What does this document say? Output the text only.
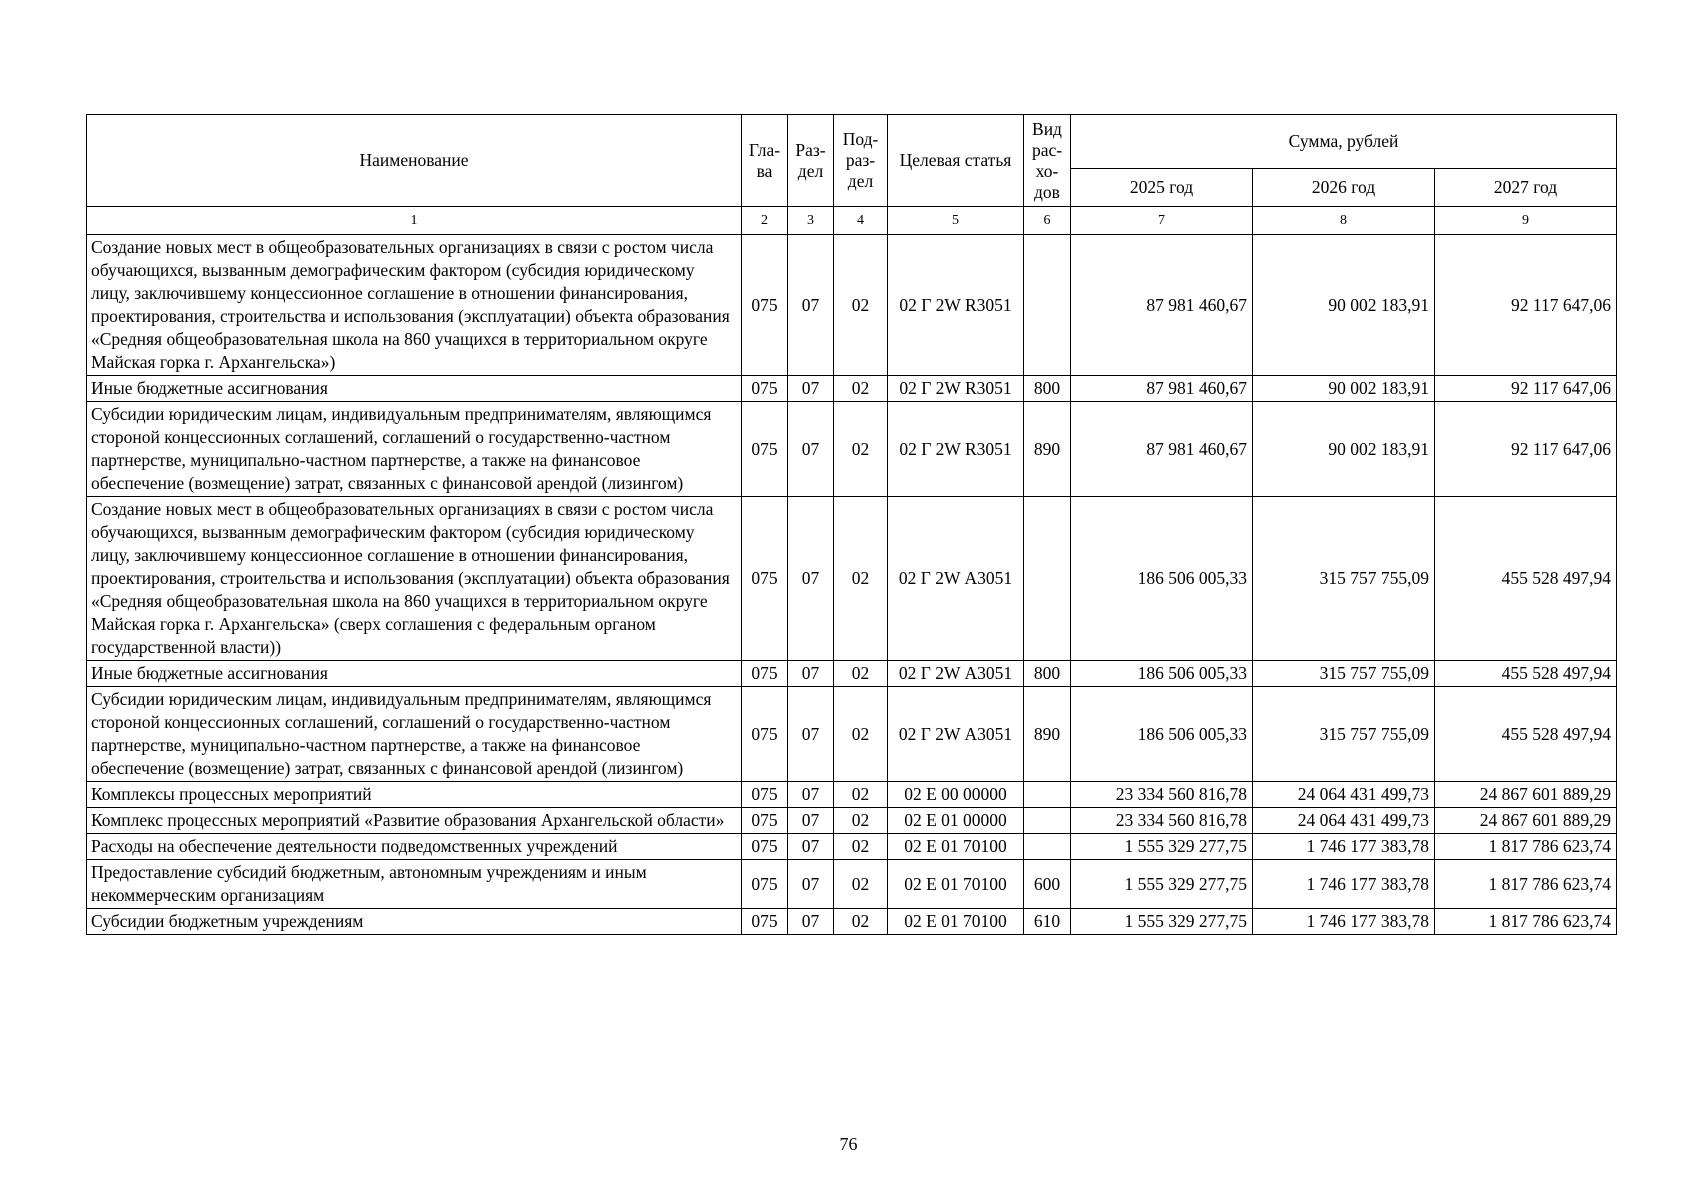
Наименование	Гла-ва	Раз-дел	Под-раз-дел	Целевая статья	Вид рас-хо-дов	Сумма, рублей		
						2025 год	2026 год	2027 год
1	2	3	4	5	6	7	8	9
Создание новых мест в общеобразовательных организациях в связи с ростом числа обучающихся, вызванным демографическим фактором (субсидия юридическому лицу, заключившему концессионное соглашение в отношении финансирования, проектирования, строительства и использования (эксплуатации) объекта образования «Средняя общеобразовательная школа на 860 учащихся в территориальном округе Майская горка г. Архангельска»)	075	07	02	02 Г 2W R3051		87 981 460,67	90 002 183,91	92 117 647,06
Иные бюджетные ассигнования	075	07	02	02 Г 2W R3051	800	87 981 460,67	90 002 183,91	92 117 647,06
Субсидии юридическим лицам, индивидуальным предпринимателям, являющимся стороной концессионных соглашений, соглашений о государственно-частном партнерстве, муниципально-частном партнерстве, а также на финансовое обеспечение (возмещение) затрат, связанных с финансовой арендой (лизингом)	075	07	02	02 Г 2W R3051	890	87 981 460,67	90 002 183,91	92 117 647,06
Создание новых мест в общеобразовательных организациях в связи с ростом числа обучающихся, вызванным демографическим фактором (субсидия юридическому лицу, заключившему концессионное соглашение в отношении финансирования, проектирования, строительства и использования (эксплуатации) объекта образования «Средняя общеобразовательная школа на 860 учащихся в территориальном округе Майская горка г. Архангельска» (сверх соглашения с федеральным органом государственной власти))	075	07	02	02 Г 2W А3051		186 506 005,33	315 757 755,09	455 528 497,94
Иные бюджетные ассигнования	075	07	02	02 Г 2W А3051	800	186 506 005,33	315 757 755,09	455 528 497,94
Субсидии юридическим лицам, индивидуальным предпринимателям, являющимся стороной концессионных соглашений, соглашений о государственно-частном партнерстве, муниципально-частном партнерстве, а также на финансовое обеспечение (возмещение) затрат, связанных с финансовой арендой (лизингом)	075	07	02	02 Г 2W А3051	890	186 506 005,33	315 757 755,09	455 528 497,94
Комплексы процессных мероприятий	075	07	02	02 Е 00 00000		23 334 560 816,78	24 064 431 499,73	24 867 601 889,29
Комплекс процессных мероприятий «Развитие образования Архангельской области»	075	07	02	02 Е 01 00000		23 334 560 816,78	24 064 431 499,73	24 867 601 889,29
Расходы на обеспечение деятельности подведомственных учреждений	075	07	02	02 Е 01 70100		1 555 329 277,75	1 746 177 383,78	1 817 786 623,74
Предоставление субсидий бюджетным, автономным учреждениям и иным некоммерческим организациям	075	07	02	02 Е 01 70100	600	1 555 329 277,75	1 746 177 383,78	1 817 786 623,74
Субсидии бюджетным учреждениям	075	07	02	02 Е 01 70100	610	1 555 329 277,75	1 746 177 383,78	1 817 786 623,74
76
